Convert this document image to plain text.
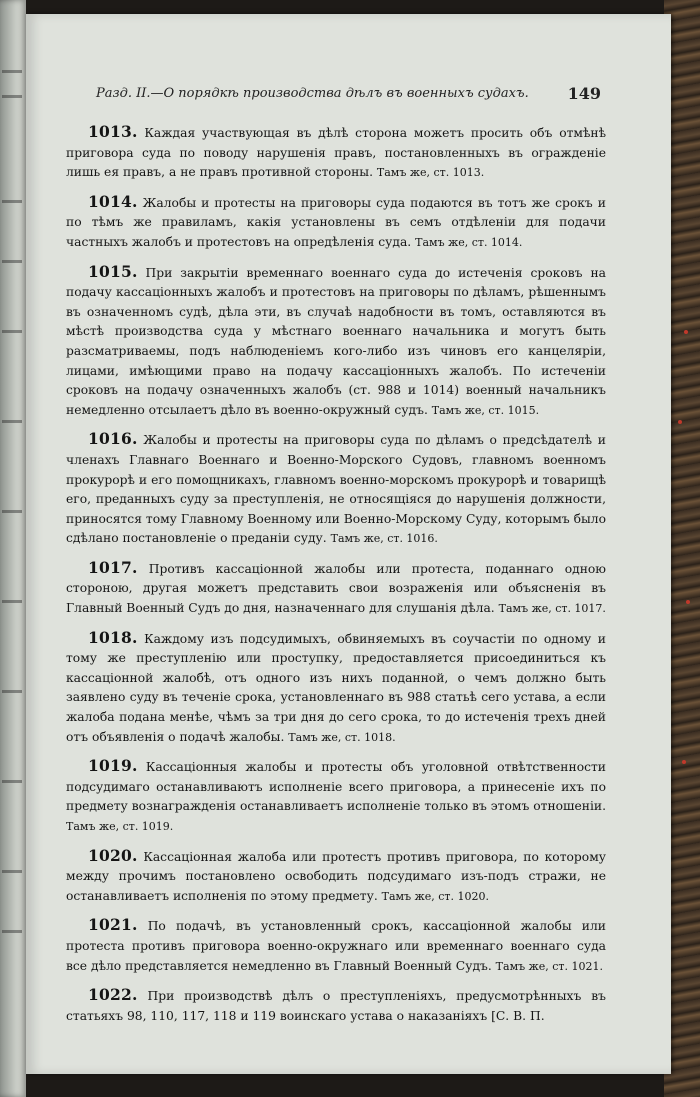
Разд. II.—О порядкѣ производства дѣлъ въ военныхъ судахъ. 149

1013. Каждая участвующая въ дѣлѣ сторона можетъ просить объ отмѣнѣ приговора суда по поводу нарушенія правъ, постановленныхъ въ огражденіе лишь ея правъ, а не правъ противной стороны. Тамъ же, ст. 1013.

1014. Жалобы и протесты на приговоры суда подаются въ тотъ же срокъ и по тѣмъ же правиламъ, какія установлены въ семъ отдѣленіи для подачи частныхъ жалобъ и протестовъ на опредѣленія суда. Тамъ же, ст. 1014.

1015. При закрытіи временнаго военнаго суда до истеченія сроковъ на подачу кассаціонныхъ жалобъ и протестовъ на приговоры по дѣламъ, рѣшеннымъ въ означенномъ судѣ, дѣла эти, въ случаѣ надобности въ томъ, оставляются въ мѣстѣ производства суда у мѣстнаго военнаго начальника и могутъ быть разсматриваемы, подъ наблюденіемъ кого-либо изъ чиновъ его канцеляріи, лицами, имѣющими право на подачу кассаціонныхъ жалобъ. По истеченіи сроковъ на подачу означенныхъ жалобъ (ст. 988 и 1014) военный начальникъ немедленно отсылаетъ дѣло въ военно-окружный судъ. Тамъ же, ст. 1015.

1016. Жалобы и протесты на приговоры суда по дѣламъ о предсѣдателѣ и членахъ Главнаго Военнаго и Военно-Морского Судовъ, главномъ военномъ прокурорѣ и его помощникахъ, главномъ военно-морскомъ прокурорѣ и товарищѣ его, преданныхъ суду за преступленія, не относящіяся до нарушенія должности, приносятся тому Главному Военному или Военно-Морскому Суду, которымъ было сдѣлано постановленіе о преданіи суду. Тамъ же, ст. 1016.

1017. Противъ кассаціонной жалобы или протеста, поданнаго одною стороною, другая можетъ представить свои возраженія или объясненія въ Главный Военный Судъ до дня, назначеннаго для слушанія дѣла. Тамъ же, ст. 1017.

1018. Каждому изъ подсудимыхъ, обвиняемыхъ въ соучастіи по одному и тому же преступленію или проступку, предоставляется присоединиться къ кассаціонной жалобѣ, отъ одного изъ нихъ поданной, о чемъ должно быть заявлено суду въ теченіе срока, установленнаго въ 988 статьѣ сего устава, а если жалоба подана менѣе, чѣмъ за три дня до сего срока, то до истеченія трехъ дней отъ объявленія о подачѣ жалобы. Тамъ же, ст. 1018.

1019. Кассаціонныя жалобы и протесты объ уголовной отвѣтственности подсудимаго останавливаютъ исполненіе всего приговора, а принесеніе ихъ по предмету вознагражденія останавливаетъ исполненіе только въ этомъ отношеніи. Тамъ же, ст. 1019.

1020. Кассаціонная жалоба или протестъ противъ приговора, по которому между прочимъ постановлено освободить подсудимаго изъ-подъ стражи, не останавливаетъ исполненія по этому предмету. Тамъ же, ст. 1020.

1021. По подачѣ, въ установленный срокъ, кассаціонной жалобы или протеста противъ приговора военно-окружнаго или временнаго военнаго суда все дѣло представляется немедленно въ Главный Военный Судъ. Тамъ же, ст. 1021.

1022. При производствѣ дѣлъ о преступленіяхъ, предусмотрѣнныхъ въ статьяхъ 98, 110, 117, 118 и 119 воинскаго устава о наказаніяхъ [С. В. П.
